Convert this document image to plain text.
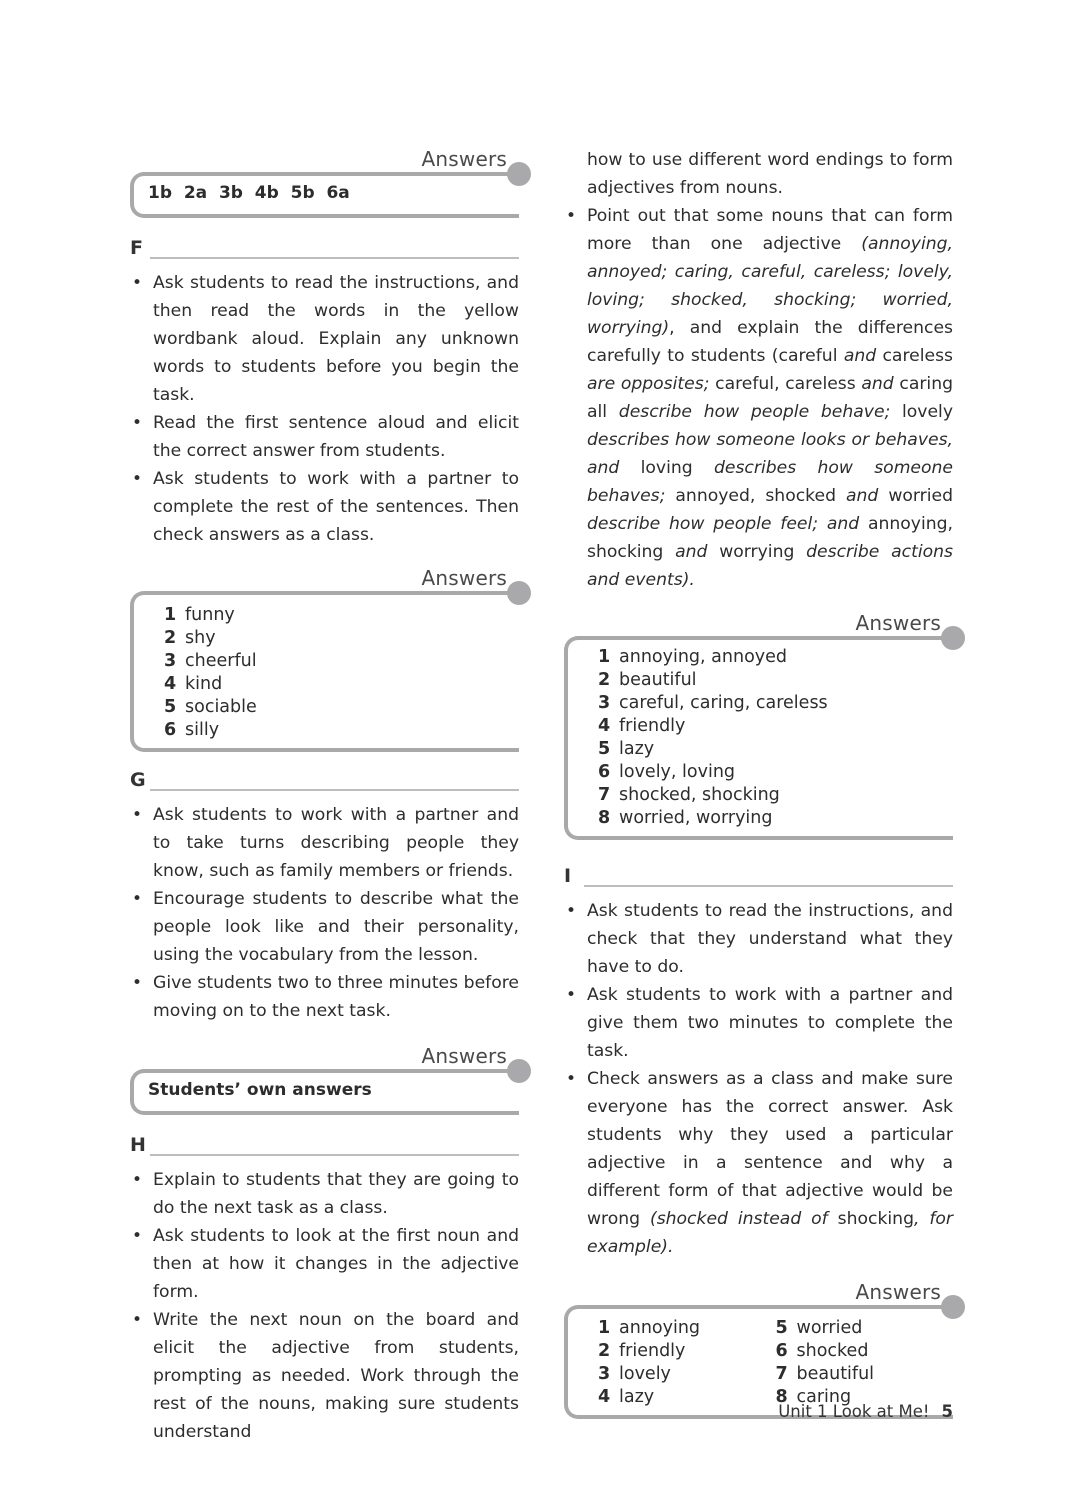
Answers
1b  2a  3b  4b  5b  6a
F
• Ask students to read the instructions, and then read the words in the yellow wordbank aloud. Explain any unknown words to students before you begin the task.
• Read the first sentence aloud and elicit the correct answer from students.
• Ask students to work with a partner to complete the rest of the sentences. Then check answers as a class.
Answers
1 funny
2 shy
3 cheerful
4 kind
5 sociable
6 silly
G
• Ask students to work with a partner and to take turns describing people they know, such as family members or friends.
• Encourage students to describe what the people look like and their personality, using the vocabulary from the lesson.
• Give students two to three minutes before moving on to the next task.
Answers
Students’ own answers
H
• Explain to students that they are going to do the next task as a class.
• Ask students to look at the first noun and then at how it changes in the adjective form.
• Write the next noun on the board and elicit the adjective from students, prompting as needed. Work through the rest of the nouns, making sure students understand
how to use different word endings to form adjectives from nouns.
• Point out that some nouns that can form more than one adjective (annoying, annoyed; caring, careful, careless; lovely, loving; shocked, shocking; worried, worrying), and explain the differences carefully to students (careful and careless are opposites; careful, careless and caring all describe how people behave; lovely describes how someone looks or behaves, and loving describes how someone behaves; annoyed, shocked and worried describe how people feel; and annoying, shocking and worrying describe actions and events).
Answers
1 annoying, annoyed
2 beautiful
3 careful, caring, careless
4 friendly
5 lazy
6 lovely, loving
7 shocked, shocking
8 worried, worrying
I
• Ask students to read the instructions, and check that they understand what they have to do.
• Ask students to work with a partner and give them two minutes to complete the task.
• Check answers as a class and make sure everyone has the correct answer. Ask students why they used a particular adjective in a sentence and why a different form of that adjective would be wrong (shocked instead of shocking, for example).
Answers
1 annoying
2 friendly
3 lovely
4 lazy
5 worried
6 shocked
7 beautiful
8 caring
Unit 1 Look at Me! 5
